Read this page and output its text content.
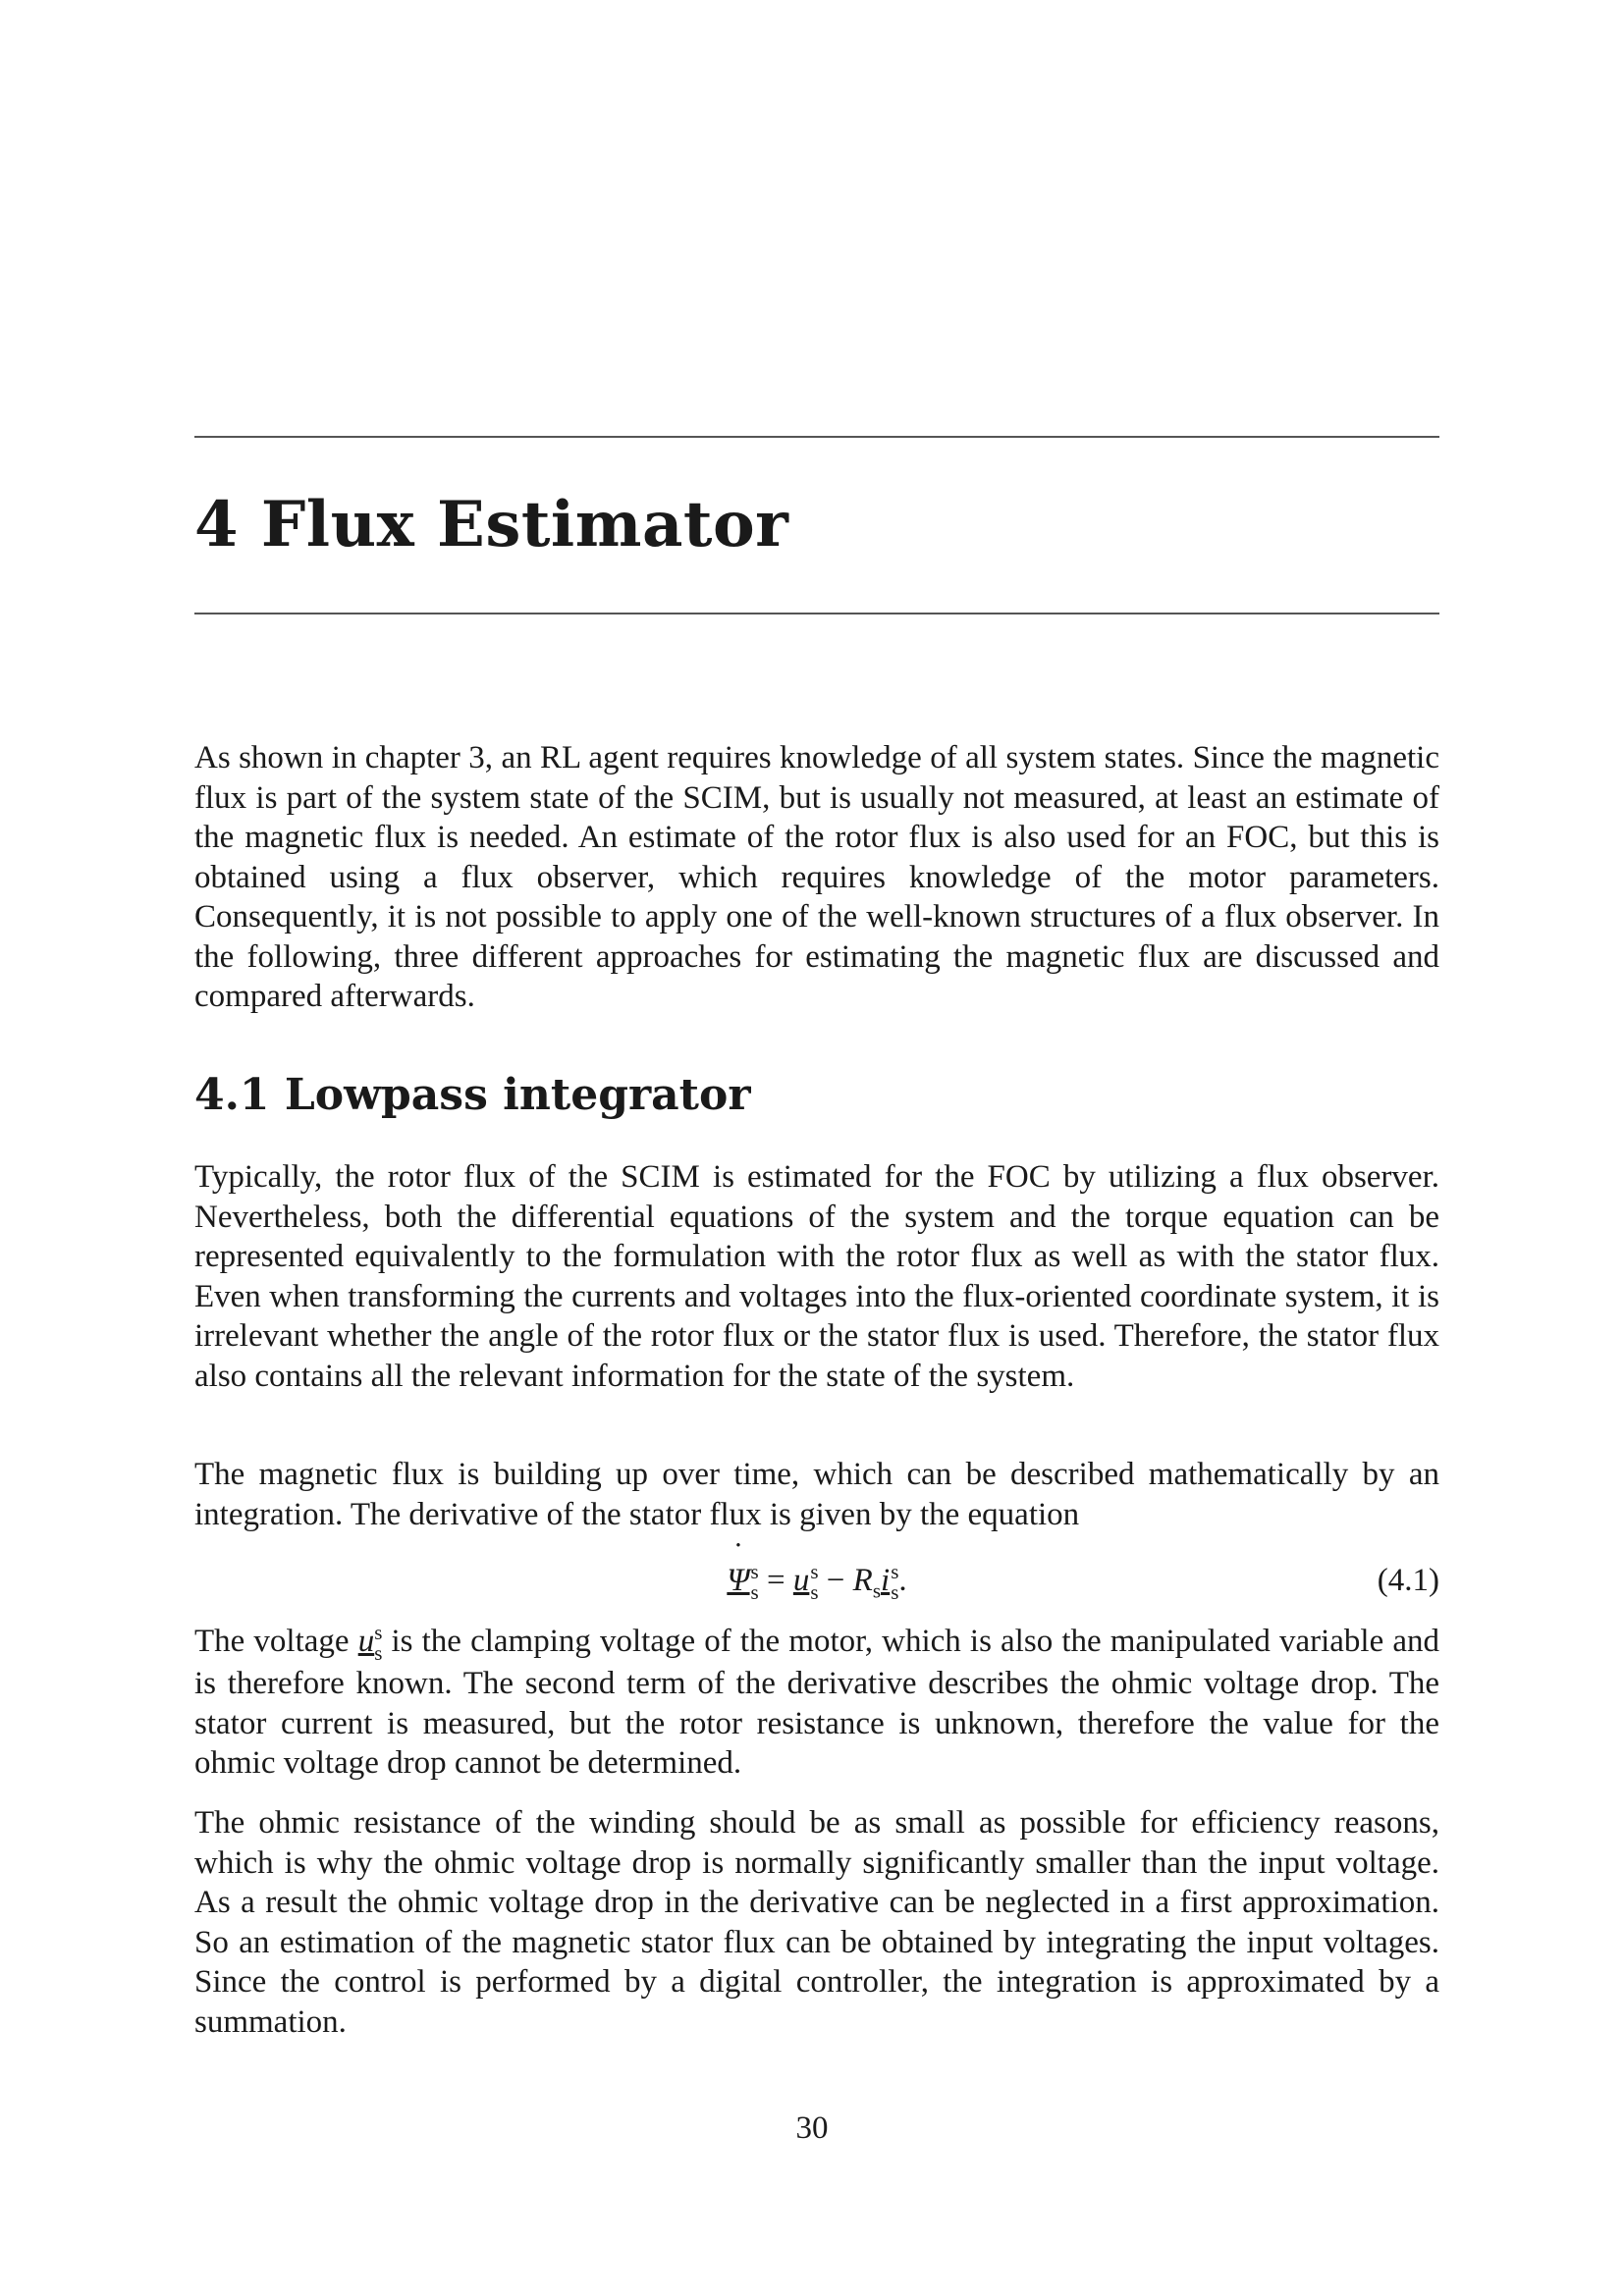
4 Flux Estimator

As shown in chapter 3, an RL agent requires knowledge of all system states. Since the magnetic flux is part of the system state of the SCIM, but is usually not measured, at least an estimate of the magnetic flux is needed. An estimate of the rotor flux is also used for an FOC, but this is obtained using a flux observer, which requires knowledge of the motor parameters. Consequently, it is not possible to apply one of the well-known structures of a flux observer. In the following, three different approaches for estimating the magnetic flux are discussed and compared afterwards.

4.1 Lowpass integrator

Typically, the rotor flux of the SCIM is estimated for the FOC by utilizing a flux observer. Nevertheless, both the differential equations of the system and the torque equation can be represented equivalently to the formulation with the rotor flux as well as with the stator flux. Even when transforming the currents and voltages into the flux-oriented coordinate system, it is irrelevant whether the angle of the rotor flux or the stator flux is used. Therefore, the stator flux also contains all the relevant information for the state of the system.

The magnetic flux is building up over time, which can be described mathematically by an integration. The derivative of the stator flux is given by the equation

˙ Ψ s
s = u s
$s - R_si$ s
s .	(4.1)

The voltage u s
s is the clamping voltage of the motor, which is also the manipulated variable and is therefore known. The second term of the derivative describes the ohmic voltage drop. The stator current is measured, but the rotor resistance is unknown, therefore the value for the ohmic voltage drop cannot be determined.

The ohmic resistance of the winding should be as small as possible for efficiency reasons, which is why the ohmic voltage drop is normally significantly smaller than the input voltage. As a result the ohmic voltage drop in the derivative can be neglected in a first approximation. So an estimation of the magnetic stator flux can be obtained by integrating the input voltages. Since the control is performed by a digital controller, the integration is approximated by a summation.

30
